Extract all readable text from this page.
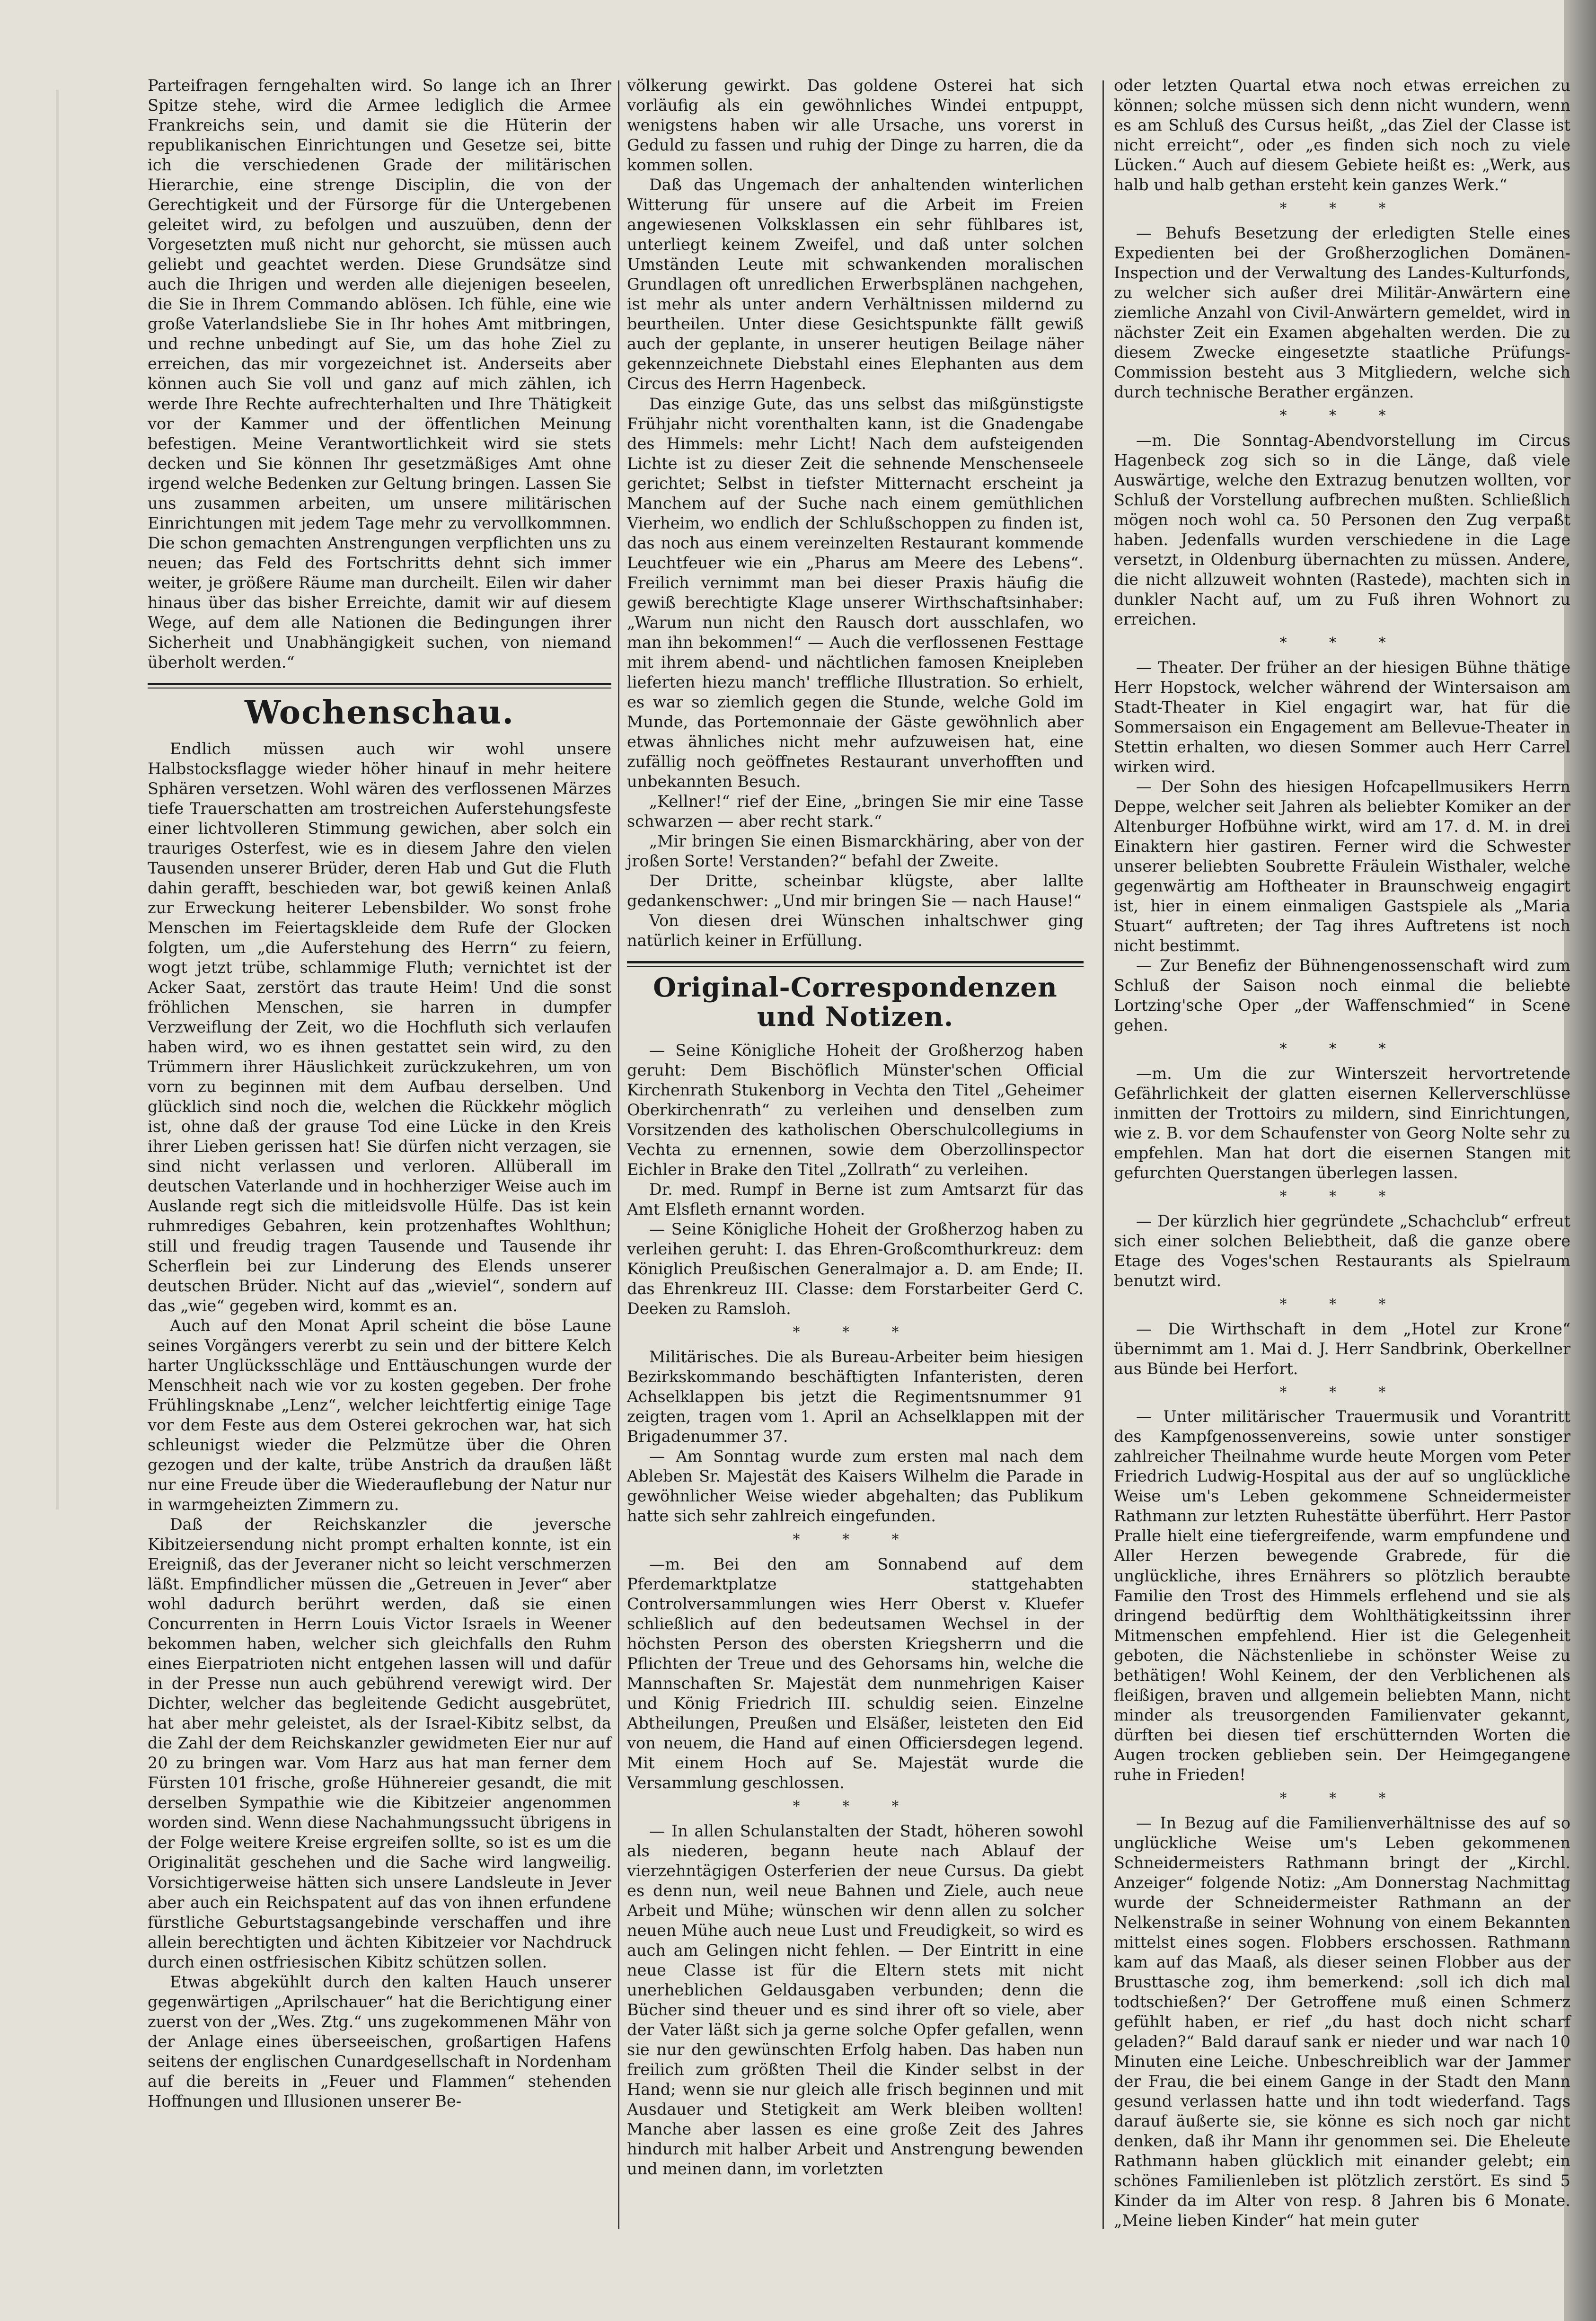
Parteifragen ferngehalten wird. So lange ich an Ihrer Spitze stehe, wird die Armee lediglich die Armee Frankreichs sein, und damit sie die Hüterin der republikanischen Einrichtungen und Gesetze sei, bitte ich die verschiedenen Grade der militärischen Hierarchie, eine strenge Disciplin, die von der Gerechtigkeit und der Fürsorge für die Untergebenen geleitet wird, zu befolgen und auszuüben, denn der Vorgesetzten muß nicht nur gehorcht, sie müssen auch geliebt und geachtet werden. Diese Grundsätze sind auch die Ihrigen und werden alle diejenigen beseelen, die Sie in Ihrem Commando ablösen. Ich fühle, eine wie große Vaterlandsliebe Sie in Ihr hohes Amt mitbringen, und rechne unbedingt auf Sie, um das hohe Ziel zu erreichen, das mir vorgezeichnet ist. Anderseits aber können auch Sie voll und ganz auf mich zählen, ich werde Ihre Rechte aufrechterhalten und Ihre Thätigkeit vor der Kammer und der öffentlichen Meinung befestigen. Meine Verantwortlichkeit wird sie stets decken und Sie können Ihr gesetzmäßiges Amt ohne irgend welche Bedenken zur Geltung bringen. Lassen Sie uns zusammen arbeiten, um unsere militärischen Einrichtungen mit jedem Tage mehr zu vervollkommnen. Die schon gemachten Anstrengungen verpflichten uns zu neuen; das Feld des Fortschritts dehnt sich immer weiter, je größere Räume man durcheilt. Eilen wir daher hinaus über das bisher Erreichte, damit wir auf diesem Wege, auf dem alle Nationen die Bedingungen ihrer Sicherheit und Unabhängigkeit suchen, von niemand überholt werden.“

Wochenschau.

Endlich müssen auch wir wohl unsere Halbstocksflagge wieder höher hinauf in mehr heitere Sphären versetzen. Wohl wären des verflossenen Märzes tiefe Trauerschatten am trostreichen Auferstehungsfeste einer lichtvolleren Stimmung gewichen, aber solch ein trauriges Osterfest, wie es in diesem Jahre den vielen Tausenden unserer Brüder, deren Hab und Gut die Fluth dahin gerafft, beschieden war, bot gewiß keinen Anlaß zur Erweckung heiterer Lebensbilder. Wo sonst frohe Menschen im Feiertagskleide dem Rufe der Glocken folgten, um „die Auferstehung des Herrn“ zu feiern, wogt jetzt trübe, schlammige Fluth; vernichtet ist der Acker Saat, zerstört das traute Heim! Und die sonst fröhlichen Menschen, sie harren in dumpfer Verzweiflung der Zeit, wo die Hochfluth sich verlaufen haben wird, wo es ihnen gestattet sein wird, zu den Trümmern ihrer Häuslichkeit zurückzukehren, um von vorn zu beginnen mit dem Aufbau derselben. Und glücklich sind noch die, welchen die Rückkehr möglich ist, ohne daß der grause Tod eine Lücke in den Kreis ihrer Lieben gerissen hat! Sie dürfen nicht verzagen, sie sind nicht verlassen und verloren. Allüberall im deutschen Vaterlande und in hochherziger Weise auch im Auslande regt sich die mitleidsvolle Hülfe. Das ist kein ruhmrediges Gebahren, kein protzenhaftes Wohlthun; still und freudig tragen Tausende und Tausende ihr Scherflein bei zur Linderung des Elends unserer deutschen Brüder. Nicht auf das „wieviel“, sondern auf das „wie“ gegeben wird, kommt es an.

Auch auf den Monat April scheint die böse Laune seines Vorgängers vererbt zu sein und der bittere Kelch harter Unglücksschläge und Enttäuschungen wurde der Menschheit nach wie vor zu kosten gegeben. Der frohe Frühlingsknabe „Lenz“, welcher leichtfertig einige Tage vor dem Feste aus dem Osterei gekrochen war, hat sich schleunigst wieder die Pelzmütze über die Ohren gezogen und der kalte, trübe Anstrich da draußen läßt nur eine Freude über die Wiederauflebung der Natur nur in warmgeheizten Zimmern zu.

Daß der Reichskanzler die jeversche Kibitzeiersendung nicht prompt erhalten konnte, ist ein Ereigniß, das der Jeveraner nicht so leicht verschmerzen läßt. Empfindlicher müssen die „Getreuen in Jever“ aber wohl dadurch berührt werden, daß sie einen Concurrenten in Herrn Louis Victor Israels in Weener bekommen haben, welcher sich gleichfalls den Ruhm eines Eierpatrioten nicht entgehen lassen will und dafür in der Presse nun auch gebührend verewigt wird. Der Dichter, welcher das begleitende Gedicht ausgebrütet, hat aber mehr geleistet, als der Israel-Kibitz selbst, da die Zahl der dem Reichskanzler gewidmeten Eier nur auf 20 zu bringen war. Vom Harz aus hat man ferner dem Fürsten 101 frische, große Hühnereier gesandt, die mit derselben Sympathie wie die Kibitzeier angenommen worden sind. Wenn diese Nachahmungssucht übrigens in der Folge weitere Kreise ergreifen sollte, so ist es um die Originalität geschehen und die Sache wird langweilig. Vorsichtigerweise hätten sich unsere Landsleute in Jever aber auch ein Reichspatent auf das von ihnen erfundene fürstliche Geburtstagsangebinde verschaffen und ihre allein berechtigten und ächten Kibitzeier vor Nachdruck durch einen ostfriesischen Kibitz schützen sollen.

Etwas abgekühlt durch den kalten Hauch unserer gegenwärtigen „Aprilschauer“ hat die Berichtigung einer zuerst von der „Wes. Ztg.“ uns zugekommenen Mähr von der Anlage eines überseeischen, großartigen Hafens seitens der englischen Cunardgesellschaft in Nordenham auf die bereits in „Feuer und Flammen“ stehenden Hoffnungen und Illusionen unserer Be-

völkerung gewirkt. Das goldene Osterei hat sich vorläufig als ein gewöhnliches Windei entpuppt, wenigstens haben wir alle Ursache, uns vorerst in Geduld zu fassen und ruhig der Dinge zu harren, die da kommen sollen.

Daß das Ungemach der anhaltenden winterlichen Witterung für unsere auf die Arbeit im Freien angewiesenen Volksklassen ein sehr fühlbares ist, unterliegt keinem Zweifel, und daß unter solchen Umständen Leute mit schwankenden moralischen Grundlagen oft unredlichen Erwerbsplänen nachgehen, ist mehr als unter andern Verhältnissen mildernd zu beurtheilen. Unter diese Gesichtspunkte fällt gewiß auch der geplante, in unserer heutigen Beilage näher gekennzeichnete Diebstahl eines Elephanten aus dem Circus des Herrn Hagenbeck.

Das einzige Gute, das uns selbst das mißgünstigste Frühjahr nicht vorenthalten kann, ist die Gnadengabe des Himmels: mehr Licht! Nach dem aufsteigenden Lichte ist zu dieser Zeit die sehnende Menschenseele gerichtet; Selbst in tiefster Mitternacht erscheint ja Manchem auf der Suche nach einem gemüthlichen Vierheim, wo endlich der Schlußschoppen zu finden ist, das noch aus einem vereinzelten Restaurant kommende Leuchtfeuer wie ein „Pharus am Meere des Lebens“. Freilich vernimmt man bei dieser Praxis häufig die gewiß berechtigte Klage unserer Wirthschaftsinhaber: „Warum nun nicht den Rausch dort ausschlafen, wo man ihn bekommen!“ — Auch die verflossenen Festtage mit ihrem abend- und nächtlichen famosen Kneipleben lieferten hiezu manch' treffliche Illustration. So erhielt, es war so ziemlich gegen die Stunde, welche Gold im Munde, das Portemonnaie der Gäste gewöhnlich aber etwas ähnliches nicht mehr aufzuweisen hat, eine zufällig noch geöffnetes Restaurant unverhofften und unbekannten Besuch.

„Kellner!“ rief der Eine, „bringen Sie mir eine Tasse schwarzen — aber recht stark.“

„Mir bringen Sie einen Bismarckhäring, aber von der jroßen Sorte! Verstanden?“ befahl der Zweite.

Der Dritte, scheinbar klügste, aber lallte gedankenschwer: „Und mir bringen Sie — nach Hause!“

Von diesen drei Wünschen inhaltschwer ging natürlich keiner in Erfüllung.

Original-Correspondenzen und Notizen.

— Seine Königliche Hoheit der Großherzog haben geruht: Dem Bischöflich Münster'schen Official Kirchenrath Stukenborg in Vechta den Titel „Geheimer Oberkirchenrath“ zu verleihen und denselben zum Vorsitzenden des katholischen Oberschulcollegiums in Vechta zu ernennen, sowie dem Oberzollinspector Eichler in Brake den Titel „Zollrath“ zu verleihen.

Dr. med. Rumpf in Berne ist zum Amtsarzt für das Amt Elsfleth ernannt worden.

— Seine Königliche Hoheit der Großherzog haben zu verleihen geruht: I. das Ehren-Großcomthurkreuz: dem Königlich Preußischen Generalmajor a. D. am Ende; II. das Ehrenkreuz III. Classe: dem Forstarbeiter Gerd C. Deeken zu Ramsloh.

* * *

Militärisches. Die als Bureau-Arbeiter beim hiesigen Bezirkskommando beschäftigten Infanteristen, deren Achselklappen bis jetzt die Regimentsnummer 91 zeigten, tragen vom 1. April an Achselklappen mit der Brigadenummer 37.

— Am Sonntag wurde zum ersten mal nach dem Ableben Sr. Majestät des Kaisers Wilhelm die Parade in gewöhnlicher Weise wieder abgehalten; das Publikum hatte sich sehr zahlreich eingefunden.

* * *

—m. Bei den am Sonnabend auf dem Pferdemarktplatze stattgehabten Controlversammlungen wies Herr Oberst v. Kluefer schließlich auf den bedeutsamen Wechsel in der höchsten Person des obersten Kriegsherrn und die Pflichten der Treue und des Gehorsams hin, welche die Mannschaften Sr. Majestät dem nunmehrigen Kaiser und König Friedrich III. schuldig seien. Einzelne Abtheilungen, Preußen und Elsäßer, leisteten den Eid von neuem, die Hand auf einen Officiersdegen legend. Mit einem Hoch auf Se. Majestät wurde die Versammlung geschlossen.

* * *

— In allen Schulanstalten der Stadt, höheren sowohl als niederen, begann heute nach Ablauf der vierzehntägigen Osterferien der neue Cursus. Da giebt es denn nun, weil neue Bahnen und Ziele, auch neue Arbeit und Mühe; wünschen wir denn allen zu solcher neuen Mühe auch neue Lust und Freudigkeit, so wird es auch am Gelingen nicht fehlen. — Der Eintritt in eine neue Classe ist für die Eltern stets mit nicht unerheblichen Geldausgaben verbunden; denn die Bücher sind theuer und es sind ihrer oft so viele, aber der Vater läßt sich ja gerne solche Opfer gefallen, wenn sie nur den gewünschten Erfolg haben. Das haben nun freilich zum größten Theil die Kinder selbst in der Hand; wenn sie nur gleich alle frisch beginnen und mit Ausdauer und Stetigkeit am Werk bleiben wollten! Manche aber lassen es eine große Zeit des Jahres hindurch mit halber Arbeit und Anstrengung bewenden und meinen dann, im vorletzten

oder letzten Quartal etwa noch etwas erreichen zu können; solche müssen sich denn nicht wundern, wenn es am Schluß des Cursus heißt, „das Ziel der Classe ist nicht erreicht“, oder „es finden sich noch zu viele Lücken.“ Auch auf diesem Gebiete heißt es: „Werk, aus halb und halb gethan ersteht kein ganzes Werk.“

* * *

— Behufs Besetzung der erledigten Stelle eines Expedienten bei der Großherzoglichen Domänen-Inspection und der Verwaltung des Landes-Kulturfonds, zu welcher sich außer drei Militär-Anwärtern eine ziemliche Anzahl von Civil-Anwärtern gemeldet, wird in nächster Zeit ein Examen abgehalten werden. Die zu diesem Zwecke eingesetzte staatliche Prüfungs-Commission besteht aus 3 Mitgliedern, welche sich durch technische Berather ergänzen.

* * *

—m. Die Sonntag-Abendvorstellung im Circus Hagenbeck zog sich so in die Länge, daß viele Auswärtige, welche den Extrazug benutzen wollten, vor Schluß der Vorstellung aufbrechen mußten. Schließlich mögen noch wohl ca. 50 Personen den Zug verpaßt haben. Jedenfalls wurden verschiedene in die Lage versetzt, in Oldenburg übernachten zu müssen. Andere, die nicht allzuweit wohnten (Rastede), machten sich in dunkler Nacht auf, um zu Fuß ihren Wohnort zu erreichen.

* * *

— Theater. Der früher an der hiesigen Bühne thätige Herr Hopstock, welcher während der Wintersaison am Stadt-Theater in Kiel engagirt war, hat für die Sommersaison ein Engagement am Bellevue-Theater in Stettin erhalten, wo diesen Sommer auch Herr Carrel wirken wird.

— Der Sohn des hiesigen Hofcapellmusikers Herrn Deppe, welcher seit Jahren als beliebter Komiker an der Altenburger Hofbühne wirkt, wird am 17. d. M. in drei Einaktern hier gastiren. Ferner wird die Schwester unserer beliebten Soubrette Fräulein Wisthaler, welche gegenwärtig am Hoftheater in Braunschweig engagirt ist, hier in einem einmaligen Gastspiele als „Maria Stuart“ auftreten; der Tag ihres Auftretens ist noch nicht bestimmt.

— Zur Benefiz der Bühnengenossenschaft wird zum Schluß der Saison noch einmal die beliebte Lortzing'sche Oper „der Waffenschmied“ in Scene gehen.

* * *

—m. Um die zur Winterszeit hervortretende Gefährlichkeit der glatten eisernen Kellerverschlüsse inmitten der Trottoirs zu mildern, sind Einrichtungen, wie z. B. vor dem Schaufenster von Georg Nolte sehr zu empfehlen. Man hat dort die eisernen Stangen mit gefurchten Querstangen überlegen lassen.

* * *

— Der kürzlich hier gegründete „Schachclub“ erfreut sich einer solchen Beliebtheit, daß die ganze obere Etage des Voges'schen Restaurants als Spielraum benutzt wird.

* * *

— Die Wirthschaft in dem „Hotel zur Krone“ übernimmt am 1. Mai d. J. Herr Sandbrink, Oberkellner aus Bünde bei Herfort.

* * *

— Unter militärischer Trauermusik und Vorantritt des Kampfgenossenvereins, sowie unter sonstiger zahlreicher Theilnahme wurde heute Morgen vom Peter Friedrich Ludwig-Hospital aus der auf so unglückliche Weise um's Leben gekommene Schneidermeister Rathmann zur letzten Ruhestätte überführt. Herr Pastor Pralle hielt eine tiefergreifende, warm empfundene und Aller Herzen bewegende Grabrede, für die unglückliche, ihres Ernährers so plötzlich beraubte Familie den Trost des Himmels erflehend und sie als dringend bedürftig dem Wohlthätigkeitssinn ihrer Mitmenschen empfehlend. Hier ist die Gelegenheit geboten, die Nächstenliebe in schönster Weise zu bethätigen! Wohl Keinem, der den Verblichenen als fleißigen, braven und allgemein beliebten Mann, nicht minder als treusorgenden Familienvater gekannt, dürften bei diesen tief erschütternden Worten die Augen trocken geblieben sein. Der Heimgegangene ruhe in Frieden!

* * *

— In Bezug auf die Familienverhältnisse des auf so unglückliche Weise um's Leben gekommenen Schneidermeisters Rathmann bringt der „Kirchl. Anzeiger“ folgende Notiz: „Am Donnerstag Nachmittag wurde der Schneidermeister Rathmann an der Nelkenstraße in seiner Wohnung von einem Bekannten mittelst eines sogen. Flobbers erschossen. Rathmann kam auf das Maaß, als dieser seinen Flobber aus der Brusttasche zog, ihm bemerkend: ‚soll ich dich mal todtschießen?‘ Der Getroffene muß einen Schmerz gefühlt haben, er rief „du hast doch nicht scharf geladen?“ Bald darauf sank er nieder und war nach 10 Minuten eine Leiche. Unbeschreiblich war der Jammer der Frau, die bei einem Gange in der Stadt den Mann gesund verlassen hatte und ihn todt wiederfand. Tags darauf äußerte sie, sie könne es sich noch gar nicht denken, daß ihr Mann ihr genommen sei. Die Eheleute Rathmann haben glücklich mit einander gelebt; ein schönes Familienleben ist plötzlich zerstört. Es sind 5 Kinder da im Alter von resp. 8 Jahren bis 6 Monate. „Meine lieben Kinder“ hat mein guter
